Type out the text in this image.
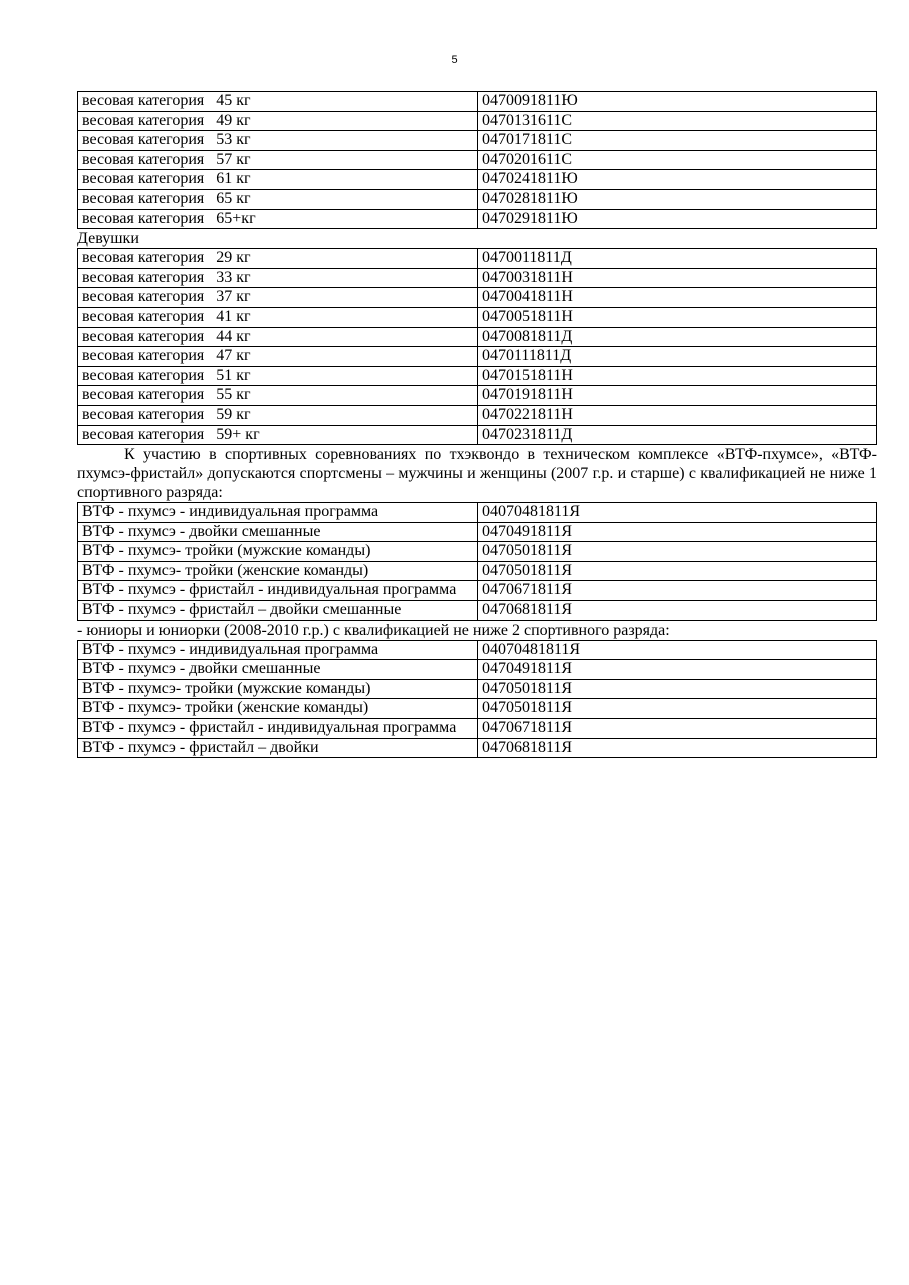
5
весовая категория   45 кг	0470091811Ю
весовая категория   49 кг	0470131611С
весовая категория   53 кг	0470171811С
весовая категория   57 кг	0470201611С
весовая категория   61 кг	0470241811Ю
весовая категория   65 кг	0470281811Ю
весовая категория   65+кг	0470291811Ю
Девушки
весовая категория   29 кг	0470011811Д
весовая категория   33 кг	0470031811Н
весовая категория   37 кг	0470041811Н
весовая категория   41 кг	0470051811Н
весовая категория   44 кг	0470081811Д
весовая категория   47 кг	0470111811Д
весовая категория   51 кг	0470151811Н
весовая категория   55 кг	0470191811Н
весовая категория   59 кг	0470221811Н
весовая категория   59+ кг	0470231811Д

К участию в спортивных соревнованиях по тхэквондо в техническом комплексе «ВТФ-пхумсе», «ВТФ-пхумсэ-фристайл» допускаются спортсмены – мужчины и женщины (2007 г.р. и старше) с квалификацией не ниже 1 спортивного разряда:

ВТФ - пхумсэ - индивидуальная программа	04070481811Я
ВТФ - пхумсэ - двойки смешанные	0470491811Я
ВТФ - пхумсэ- тройки (мужские команды)	0470501811Я
ВТФ - пхумсэ- тройки (женские команды)	0470501811Я
ВТФ - пхумсэ - фристайл - индивидуальная программа	0470671811Я
ВТФ - пхумсэ - фристайл – двойки смешанные	0470681811Я

- юниоры и юниорки (2008-2010 г.р.) с квалификацией не ниже 2 спортивного разряда:

ВТФ - пхумсэ - индивидуальная программа	04070481811Я
ВТФ - пхумсэ - двойки смешанные	0470491811Я
ВТФ - пхумсэ- тройки (мужские команды)	0470501811Я
ВТФ - пхумсэ- тройки (женские команды)	0470501811Я
ВТФ - пхумсэ - фристайл - индивидуальная программа	0470671811Я
ВТФ - пхумсэ - фристайл – двойки	0470681811Я
